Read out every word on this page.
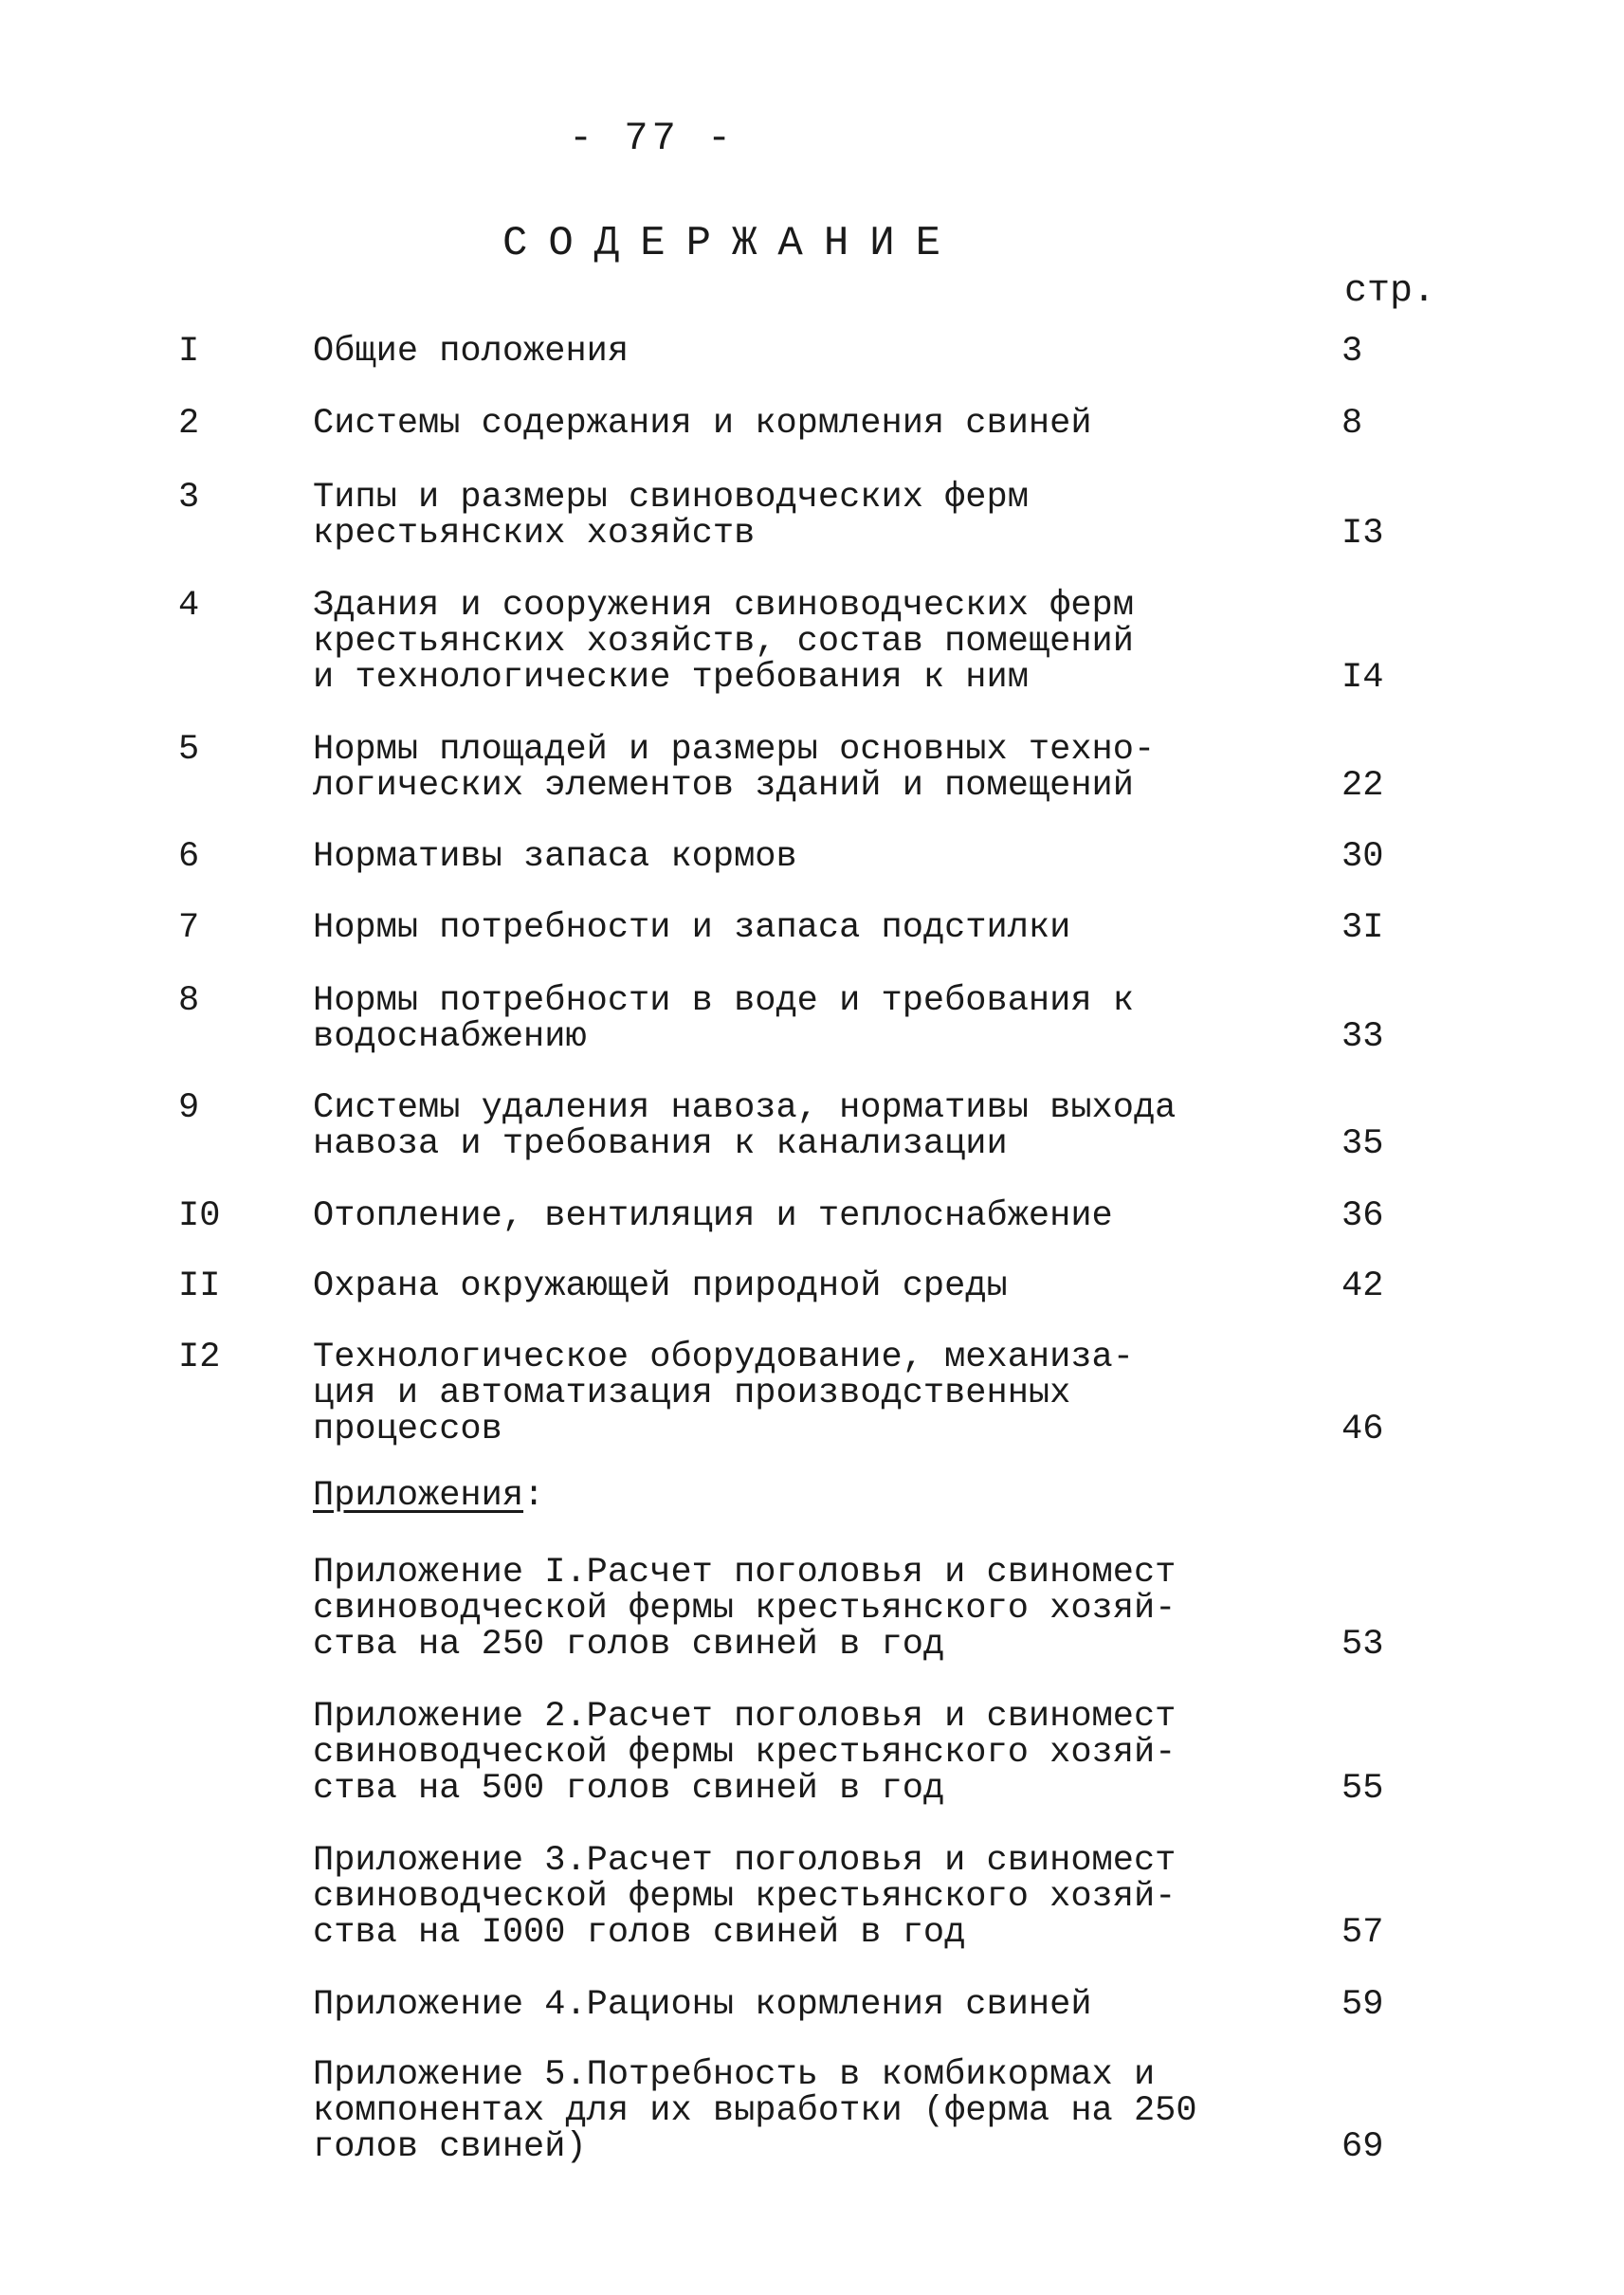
- 77 -
СОДЕРЖАНИЕ
стр.
I	Общие положения	3
2	Системы содержания и кормления свиней	8
3	Типы и размеры свиноводческих ферм
крестьянских хозяйств	I3
4	Здания и сооружения свиноводческих ферм
крестьянских хозяйств, состав помещений
и технологические требования к ним	I4
5	Нормы площадей и размеры основных техно-
логических элементов зданий и помещений	22
6	Нормативы запаса кормов	30
7	Нормы потребности и запаса подстилки	3I
8	Нормы потребности в воде и требования к
водоснабжению	33
9	Системы удаления навоза, нормативы выхода
навоза и требования к канализации	35
I0	Отопление, вентиляция и теплоснабжение	36
II	Охрана окружающей природной среды	42
I2	Технологическое оборудование, механиза-
ция и автоматизация производственных
процессов	46
Приложения:
Приложение I.Расчет поголовья и свиномест
свиноводческой фермы крестьянского хозяй-
ства на 250 голов свиней в год	53
Приложение 2.Расчет поголовья и свиномест
свиноводческой фермы крестьянского хозяй-
ства на 500 голов свиней в год	55
Приложение 3.Расчет поголовья и свиномест
свиноводческой фермы крестьянского хозяй-
ства на I000 голов свиней в год	57
Приложение 4.Рационы кормления свиней	59
Приложение 5.Потребность в комбикормах и
компонентах для их выработки (ферма на 250
голов свиней)	69
